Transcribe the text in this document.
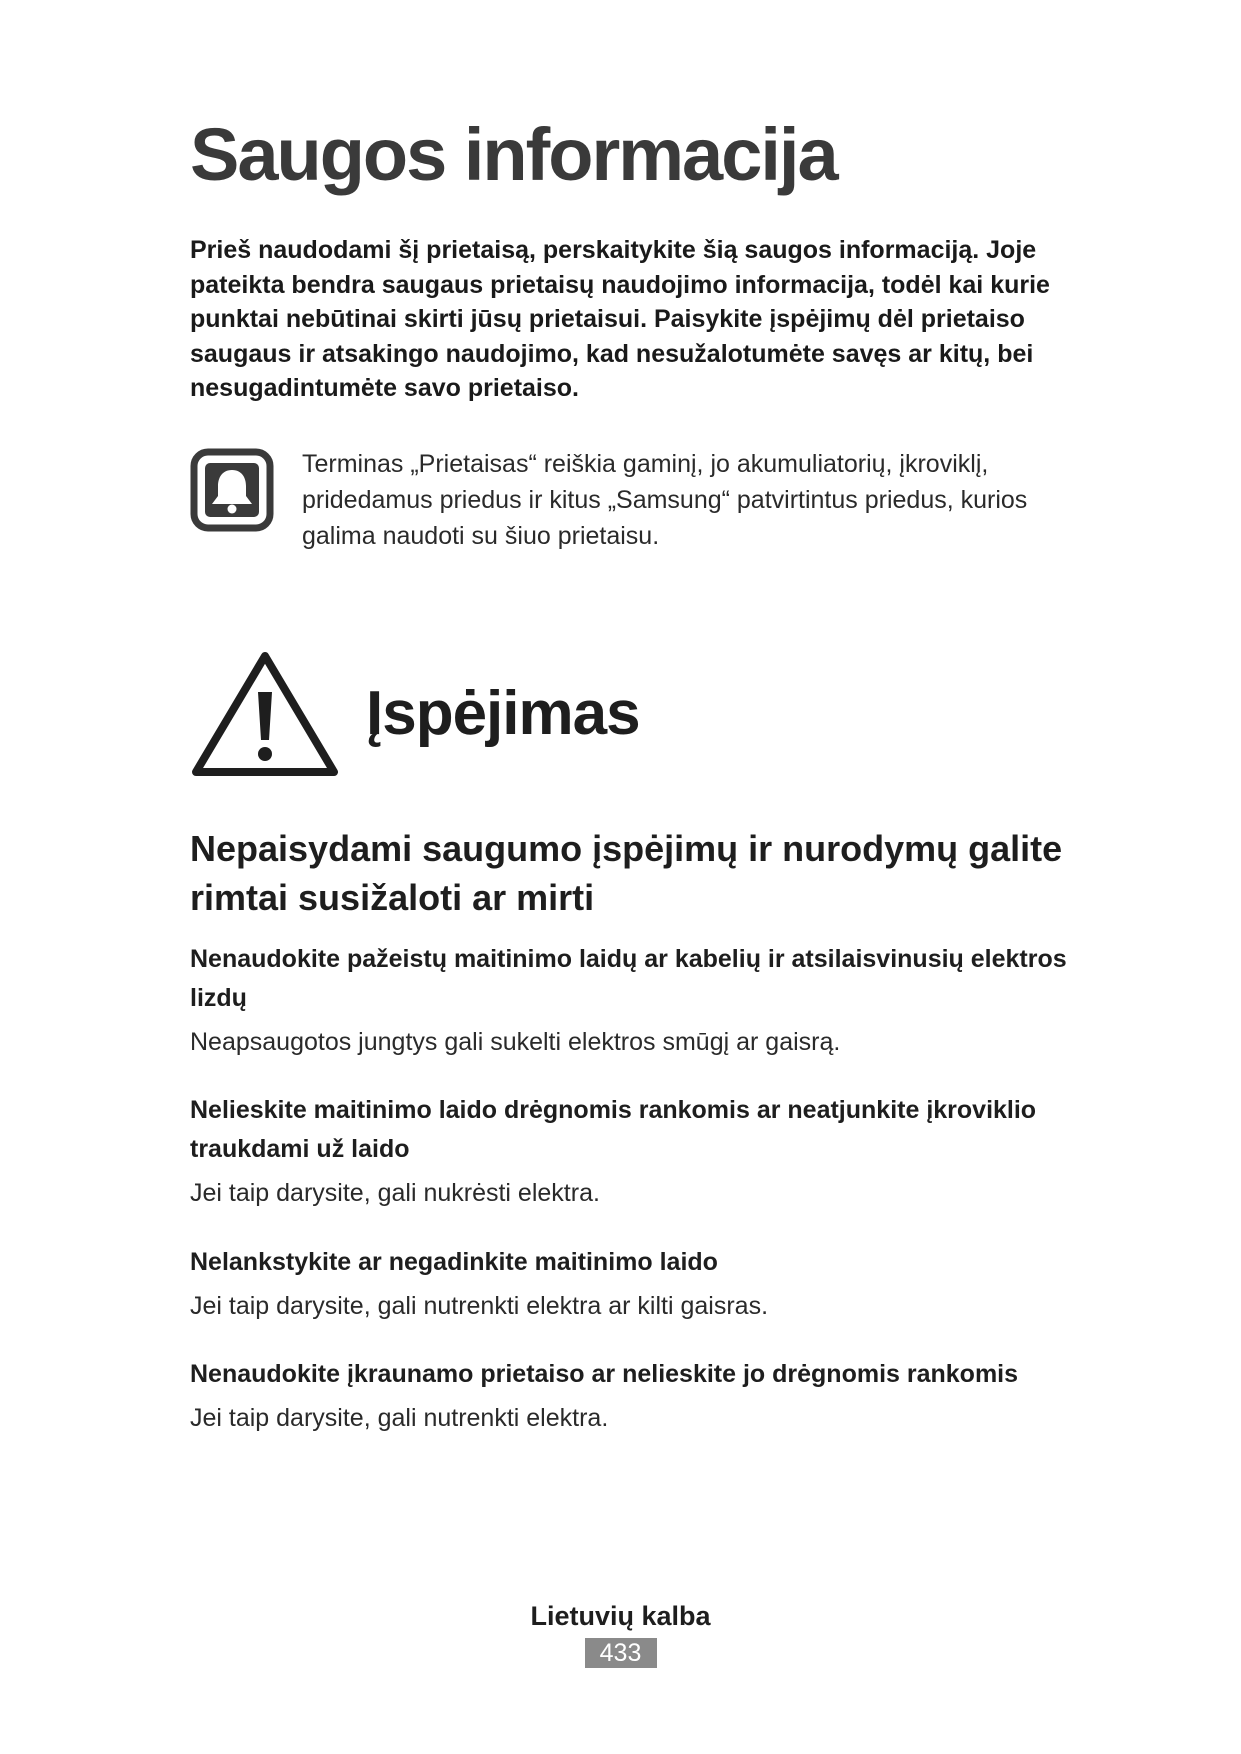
Saugos informacija

Prieš naudodami šį prietaisą, perskaitykite šią saugos informaciją. Joje pateikta bendra saugaus prietaisų naudojimo informacija, todėl kai kurie punktai nebūtinai skirti jūsų prietaisui. Paisykite įspėjimų dėl prietaiso saugaus ir atsakingo naudojimo, kad nesužalotumėte savęs ar kitų, bei nesugadintumėte savo prietaiso.

Terminas „Prietaisas“ reiškia gaminį, jo akumuliatorių, įkroviklį, pridedamus priedus ir kitus „Samsung“ patvirtintus priedus, kurios galima naudoti su šiuo prietaisu.

Įspėjimas
Nepaisydami saugumo įspėjimų ir nurodymų galite rimtai susižaloti ar mirti
Nenaudokite pažeistų maitinimo laidų ar kabelių ir atsilaisvinusių elektros lizdų

Neapsaugotos jungtys gali sukelti elektros smūgį ar gaisrą.

Nelieskite maitinimo laido drėgnomis rankomis ar neatjunkite įkroviklio traukdami už laido

Jei taip darysite, gali nukrėsti elektra.

Nelankstykite ar negadinkite maitinimo laido

Jei taip darysite, gali nutrenkti elektra ar kilti gaisras.

Nenaudokite įkraunamo prietaiso ar nelieskite jo drėgnomis rankomis

Jei taip darysite, gali nutrenkti elektra.

Lietuvių kalba
433
